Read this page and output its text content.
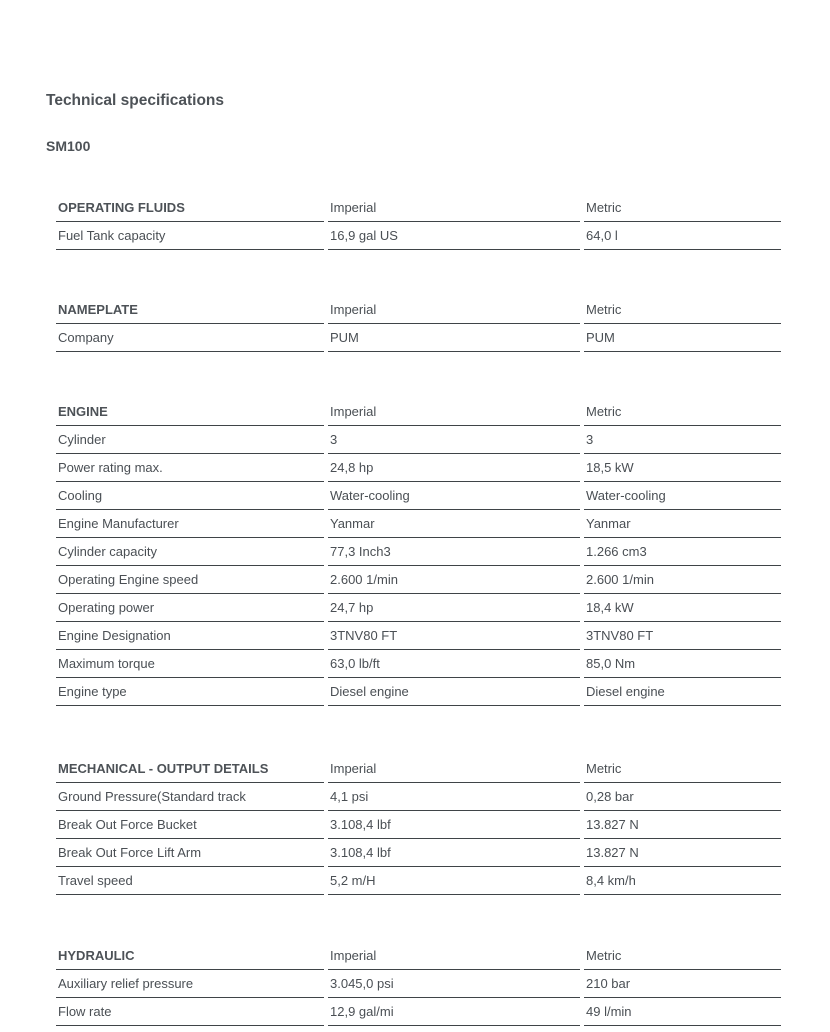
Technical specifications
SM100
OPERATING FLUIDS	Imperial	Metric
Fuel Tank capacity	16,9 gal US	64,0 l
NAMEPLATE	Imperial	Metric
Company	PUM	PUM
ENGINE	Imperial	Metric
Cylinder	3	3
Power rating max.	24,8 hp	18,5 kW
Cooling	Water-cooling	Water-cooling
Engine Manufacturer	Yanmar	Yanmar
Cylinder capacity	77,3 Inch3	1.266 cm3
Operating Engine speed	2.600 1/min	2.600 1/min
Operating power	24,7 hp	18,4 kW
Engine Designation	3TNV80 FT	3TNV80 FT
Maximum torque	63,0 lb/ft	85,0 Nm
Engine type	Diesel engine	Diesel engine
MECHANICAL - OUTPUT DETAILS	Imperial	Metric
Ground Pressure(Standard track	4,1 psi	0,28 bar
Break Out Force Bucket	3.108,4 lbf	13.827 N
Break Out Force Lift Arm	3.108,4 lbf	13.827 N
Travel speed	5,2 m/H	8,4 km/h
HYDRAULIC	Imperial	Metric
Auxiliary relief pressure	3.045,0 psi	210 bar
Flow rate	12,9 gal/mi	49 l/min
